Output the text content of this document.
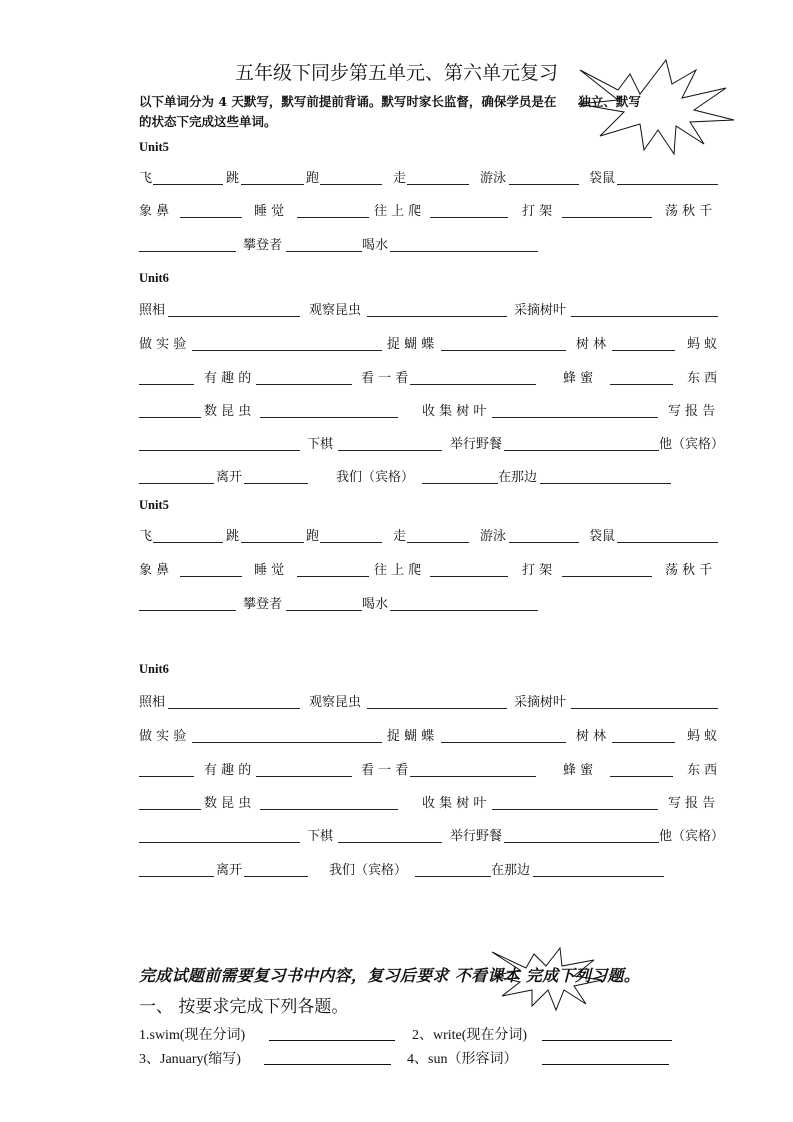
五年级下同步第五单元、第六单元复习
以下单词分为 4 天默写，默写前提前背诵。默写时家长监督，确保学员是在 独立、默写
的状态下完成这些单词。
Unit5
飞	跳	跑	走	游泳	袋鼠
象 鼻	睡 觉	往 上 爬	打 架	荡 秋 千
攀登者	喝水
Unit6
照相	观察昆虫	采摘树叶
做 实 验	捉 蝴 蝶	树 林	蚂 蚁
有 趣 的	看 一 看	蜂 蜜	东 西
数 昆 虫	收 集 树 叶	写 报 告
下棋	举行野餐	他（宾格）
离开	我们（宾格）	在那边
Unit5
飞	跳	跑	走	游泳	袋鼠
象 鼻	睡 觉	往 上 爬	打 架	荡 秋 千
攀登者	喝水
Unit6
照相	观察昆虫	采摘树叶
做 实 验	捉 蝴 蝶	树 林	蚂 蚁
有 趣 的	看 一 看	蜂 蜜	东 西
数 昆 虫	收 集 树 叶	写 报 告
下棋	举行野餐	他（宾格）
离开	我们（宾格）	在那边
完成试题前需要复习书中内容，复习后要求 不看课本 完成下列习题。
一、 按要求完成下列各题。
1.swim(现在分词)	2、write(现在分词)
3、January(缩写)	4、sun（形容词）
